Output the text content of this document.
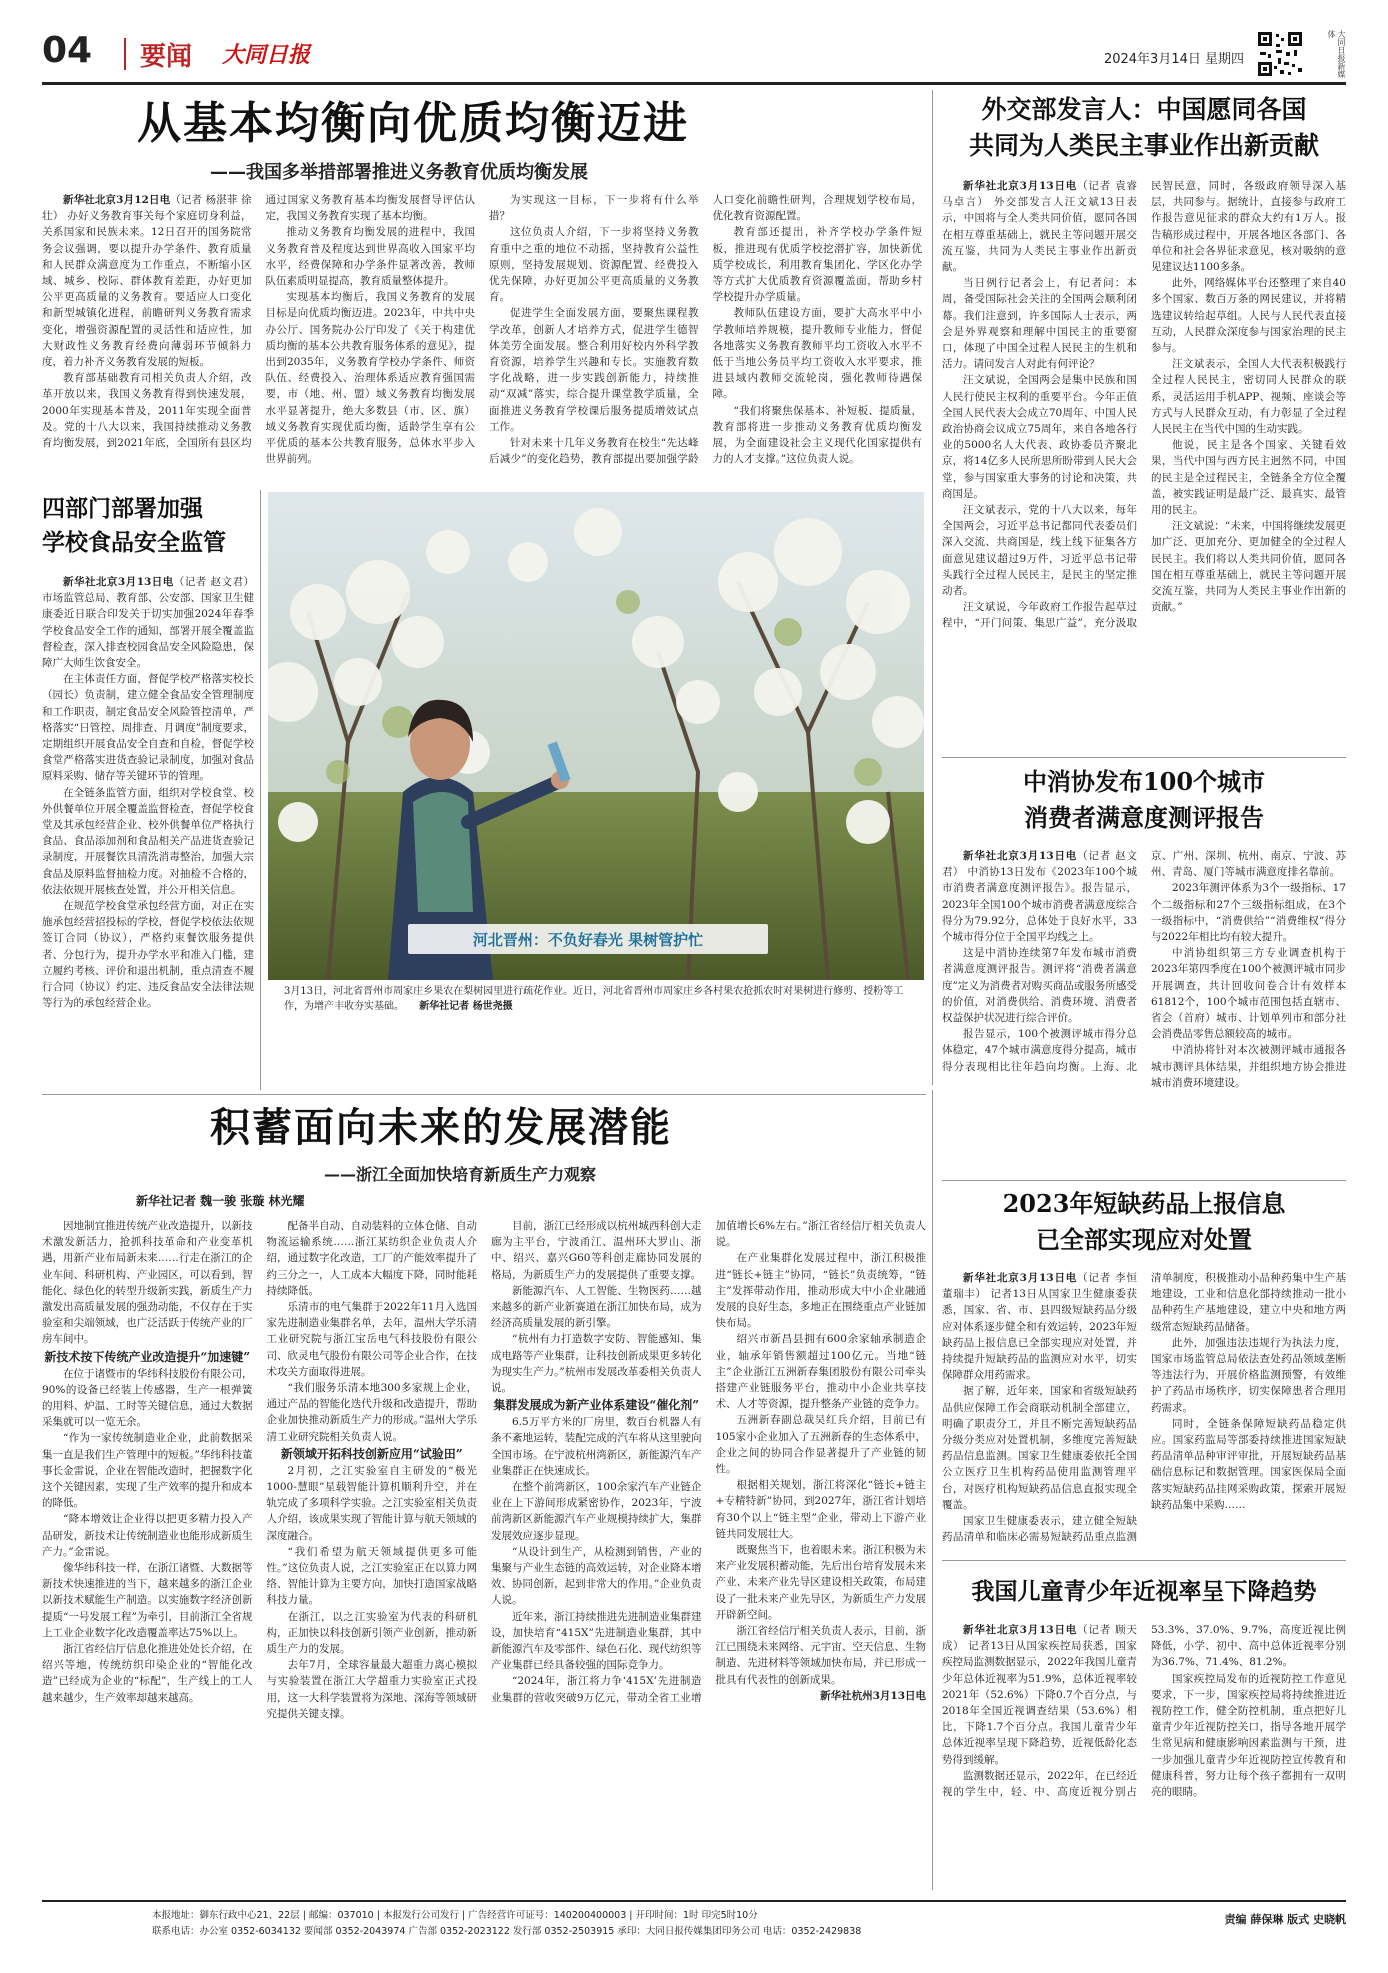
04 要闻 大同日报	2024年3月14日 星期四	大同日报新媒体
从基本均衡向优质均衡迈进
——我国多举措部署推进义务教育优质均衡发展

新华社北京3月12日电（记者 杨湛菲 徐壮） 办好义务教育事关每个家庭切身利益，关系国家和民族未来。12日召开的国务院常务会议强调，要以提升办学条件、教育质量和人民群众满意度为工作重点，不断缩小区域、城乡、校际、群体教育差距，办好更加公平更高质量的义务教育。要适应人口变化和新型城镇化进程，前瞻研判义务教育需求变化，增强资源配置的灵活性和适应性，加大财政性义务教育经费向薄弱环节倾斜力度，着力补齐义务教育发展的短板。

教育部基础教育司相关负责人介绍，改革开放以来，我国义务教育得到快速发展，2000年实现基本普及，2011年实现全面普及。党的十八大以来，我国持续推动义务教育均衡发展，到2021年底，全国所有县区均通过国家义务教育基本均衡发展督导评估认定，我国义务教育实现了基本均衡。

推动义务教育均衡发展的进程中，我国义务教育普及程度达到世界高收入国家平均水平，经费保障和办学条件显著改善，教师队伍素质明显提高，教育质量整体提升。

实现基本均衡后，我国义务教育的发展目标是向优质均衡迈进。2023年，中共中央办公厅、国务院办公厅印发了《关于构建优质均衡的基本公共教育服务体系的意见》，提出到2035年，义务教育学校办学条件、师资队伍、经费投入、治理体系适应教育强国需要，市（地、州、盟）域义务教育均衡发展水平显著提升，绝大多数县（市、区、旗）域义务教育实现优质均衡，适龄学生享有公平优质的基本公共教育服务，总体水平步入世界前列。

为实现这一目标，下一步将有什么举措？

这位负责人介绍，下一步将坚持义务教育重中之重的地位不动摇，坚持教育公益性原则，坚持发展规划、资源配置、经费投入优先保障，办好更加公平更高质量的义务教育。

促进学生全面发展方面，要聚焦课程教学改革，创新人才培养方式，促进学生德智体美劳全面发展。整合利用好校内外科学教育资源，培养学生兴趣和专长。实施教育数字化战略，进一步实践创新能力，持续推动“双减”落实，综合提升课堂教学质量，全面推进义务教育学校课后服务提质增效试点工作。

针对未来十几年义务教育在校生“先达峰后减少”的变化趋势，教育部提出要加强学龄人口变化前瞻性研判，合理规划学校布局，优化教育资源配置。

教育部还提出，补齐学校办学条件短板，推进现有优质学校挖潜扩容，加快新优质学校成长，利用教育集团化、学区化办学等方式扩大优质教育资源覆盖面，帮助乡村学校提升办学质量。

教师队伍建设方面，要扩大高水平中小学教师培养规模，提升教师专业能力，督促各地落实义务教育教师平均工资收入水平不低于当地公务员平均工资收入水平要求，推进县域内教师交流轮岗，强化教师待遇保障。

“我们将聚焦保基本、补短板、提质量，教育部将进一步推动义务教育优质均衡发展，为全面建设社会主义现代化国家提供有力的人才支撑。”这位负责人说。

外交部发言人：中国愿同各国
共同为人类民主事业作出新贡献

新华社北京3月13日电（记者 袁睿 马卓言） 外交部发言人汪文斌13日表示，中国将与全人类共同价值，愿同各国在相互尊重基础上，就民主等问题开展交流互鉴，共同为人类民主事业作出新贡献。

当日例行记者会上，有记者问：本周，备受国际社会关注的全国两会顺利闭幕。我们注意到，许多国际人士表示，两会是外界观察和理解中国民主的重要窗口，体现了中国全过程人民民主的生机和活力。请问发言人对此有何评论？

汪文斌说，全国两会是集中民族和国人民行使民主权利的重要平台。今年正值全国人民代表大会成立70周年、中国人民政治协商会议成立75周年，来自各地各行业的5000名人大代表、政协委员齐聚北京，将14亿多人民所思所盼带到人民大会堂，参与国家重大事务的讨论和决策，共商国是。

汪文斌表示，党的十八大以来，每年全国两会，习近平总书记都同代表委员们深入交流、共商国是，线上线下征集各方面意见建议超过9万件，习近平总书记带头践行全过程人民民主，是民主的坚定推动者。

汪文斌说，今年政府工作报告起草过程中，“开门问策、集思广益”，充分汲取民智民意，同时，各级政府领导深入基层，共同参与。据统计，直接参与政府工作报告意见征求的群众大约有1万人。报告稿形成过程中，开展各地区各部门、各单位和社会各界征求意见，核对吸纳的意见建议达1100多条。

此外，网络媒体平台还整理了来自40多个国家、数百万条的网民建议，并将精选建议转给起草组。人民与人民代表直接互动，人民群众深度参与国家治理的民主参与。

汪文斌表示，全国人大代表积极践行全过程人民民主，密切同人民群众的联系，灵活运用手机APP、视频、座谈会等方式与人民群众互动，有力彰显了全过程人民民主在当代中国的生动实践。

他说，民主是各个国家、关键看效果，当代中国与西方民主迥然不同，中国的民主是全过程民主，全链条全方位全覆盖，被实践证明是最广泛、最真实、最管用的民主。

汪文斌说：“未来，中国将继续发展更加广泛、更加充分、更加健全的全过程人民民主。我们将以人类共同价值，愿同各国在相互尊重基础上，就民主等问题开展交流互鉴，共同为人类民主事业作出新的贡献。”

中消协发布100个城市
消费者满意度测评报告

新华社北京3月13日电（记者 赵文君） 中消协13日发布《2023年100个城市消费者满意度测评报告》。报告显示，2023年全国100个城市消费者满意度综合得分为79.92分，总体处于良好水平，33个城市得分位于全国平均线之上。

这是中消协连续第7年发布城市消费者满意度测评报告。测评将“消费者满意度”定义为消费者对购买商品或服务所感受的价值，对消费供给、消费环境、消费者权益保护状况进行综合评价。

报告显示，100个被测评城市得分总体稳定，47个城市满意度得分提高，城市得分表现相比往年趋向均衡。上海、北京、广州、深圳、杭州、南京、宁波、苏州、青岛、厦门等城市满意度排名靠前。

2023年测评体系为3个一级指标、17个二级指标和27个三级指标组成，在3个一级指标中，“消费供给”“消费维权”得分与2022年相比均有较大提升。

中消协组织第三方专业调查机构于2023年第四季度在100个被测评城市同步开展调查，共计回收问卷合计有效样本61812个，100个城市范围包括直辖市、省会（首府）城市、计划单列市和部分社会消费品零售总额较高的城市。

中消协将针对本次被测评城市通报各城市测评具体结果，并组织地方协会推进城市消费环境建设。

四部门部署加强
学校食品安全监管

新华社北京3月13日电（记者 赵文君） 市场监管总局、教育部、公安部、国家卫生健康委近日联合印发关于切实加强2024年春季学校食品安全工作的通知，部署开展全覆盖监督检查，深入排查校园食品安全风险隐患，保障广大师生饮食安全。

在主体责任方面，督促学校严格落实校长（园长）负责制，建立健全食品安全管理制度和工作职责，制定食品安全风险管控清单，严格落实“日管控、周排查、月调度”制度要求，定期组织开展食品安全自查和自检，督促学校食堂严格落实进货查验记录制度，加强对食品原料采购、储存等关键环节的管理。

在全链条监管方面，组织对学校食堂、校外供餐单位开展全覆盖监督检查，督促学校食堂及其承包经营企业、校外供餐单位严格执行食品、食品添加剂和食品相关产品进货查验记录制度，开展餐饮具清洗消毒整治，加强大宗食品及原料监督抽检力度。对抽检不合格的，依法依规开展核查处置，并公开相关信息。

在规范学校食堂承包经营方面，对正在实施承包经营招投标的学校，督促学校依法依规签订合同（协议），严格约束餐饮服务提供者、分包行为，提升办学水平和准入门槛，建立履约考核、评价和退出机制，重点清查不履行合同（协议）约定、违反食品安全法律法规等行为的承包经营企业。

河北晋州：不负好春光 果树管护忙
3月13日，河北省晋州市周家庄乡果农在梨树园里进行疏花作业。近日，河北省晋州市周家庄乡各村果农抢抓农时对果树进行修剪、授粉等工作，为增产丰收夯实基础。 新华社记者 杨世尧摄
积蓄面向未来的发展潜能
——浙江全面加快培育新质生产力观察
新华社记者 魏一骏 张璇 林光耀

因地制宜推进传统产业改造提升，以新技术激发新活力，抢抓科技革命和产业变革机遇，用新产业布局新未来……行走在浙江的企业车间、科研机构、产业园区，可以看到，智能化、绿色化的转型升级新实践，新质生产力激发出高质量发展的强劲动能，不仅存在于实验室和尖端领域，也广泛活跃于传统产业的厂房车间中。

新技术按下传统产业改造提升“加速键”

在位于诸暨市的华纬科技股份有限公司，90%的设备已经装上传感器，生产一根弹簧的用料、炉温、工时等关键信息，通过大数据采集就可以一览无余。

“作为一家传统制造业企业，此前数据采集一直是我们生产管理中的短板。”华纬科技董事长金雷说，企业在智能改造时，把握数字化这个关键因素，实现了生产效率的提升和成本的降低。

“降本增效让企业得以把更多精力投入产品研发，新技术让传统制造业也能形成新质生产力。”金雷说。

像华纬科技一样，在浙江诸暨、大数据等新技术快速推进的当下，越来越多的浙江企业以新技术赋能生产制造。以实施数字经济创新提质“一号发展工程”为牵引，目前浙江全省规上工业企业数字化改造覆盖率达75%以上。

浙江省经信厅信息化推进处处长介绍，在绍兴等地，传统纺织印染企业的“智能化改造”已经成为企业的“标配”，生产线上的工人越来越少，生产效率却越来越高。

配备半自动、自动装料的立体仓储、自动物流运输系统……浙江某纺织企业负责人介绍，通过数字化改造，工厂的产能效率提升了约三分之一，人工成本大幅度下降，同时能耗持续降低。

乐清市的电气集群于2022年11月入选国家先进制造业集群名单，去年，温州大学乐清工业研究院与浙江宝岳电气科技股份有限公司、欣灵电气股份有限公司等企业合作，在技术攻关方面取得进展。

“我们服务乐清本地300多家规上企业，通过产品的智能化迭代升级和改造提升，帮助企业加快推动新质生产力的形成。”温州大学乐清工业研究院相关负责人说。

新领域开拓科技创新应用“试验田”

2月初，之江实验室自主研发的“极光1000-慧眼”星载智能计算机顺利升空，并在轨完成了多项科学实验。之江实验室相关负责人介绍，该成果实现了智能计算与航天领域的深度融合。

“我们希望为航天领域提供更多可能性。”这位负责人说，之江实验室正在以算力网络、智能计算为主要方向，加快打造国家战略科技力量。

在浙江，以之江实验室为代表的科研机构，正加快以科技创新引领产业创新，推动新质生产力的发展。

去年7月，全球容量最大超重力离心模拟与实验装置在浙江大学超重力实验室正式投用，这一大科学装置将为深地、深海等领域研究提供关键支撑。

目前，浙江已经形成以杭州城西科创大走廊为主平台，宁波甬江、温州环大罗山、浙中、绍兴、嘉兴G60等科创走廊协同发展的格局，为新质生产力的发展提供了重要支撑。

新能源汽车、人工智能、生物医药……越来越多的新产业新赛道在浙江加快布局，成为经济高质量发展的新引擎。

“杭州有力打造数字安防、智能感知、集成电路等产业集群，让科技创新成果更多转化为现实生产力。”杭州市发展改革委相关负责人说。

集群发展成为新产业体系建设“催化剂”

6.5万平方米的厂房里，数百台机器人有条不紊地运转，装配完成的汽车将从这里驶向全国市场。在宁波杭州湾新区，新能源汽车产业集群正在快速成长。

在整个前湾新区，100余家汽车产业链企业在上下游间形成紧密协作，2023年，宁波前湾新区新能源汽车产业规模持续扩大，集群发展效应逐步显现。

“从设计到生产，从检测到销售，产业的集聚与产业生态链的高效运转，对企业降本增效、协同创新，起到非常大的作用。”企业负责人说。

近年来，浙江持续推进先进制造业集群建设，加快培育“415X”先进制造业集群，其中新能源汽车及零部件、绿色石化、现代纺织等产业集群已经具备较强的国际竞争力。

“2024年，浙江将力争‘415X’先进制造业集群的营收突破9万亿元，带动全省工业增加值增长6%左右。”浙江省经信厅相关负责人说。

在产业集群化发展过程中，浙江积极推进“链长+链主”协同，“链长”负责统筹，“链主”发挥带动作用，推动形成大中小企业融通发展的良好生态，多地正在围绕重点产业链加快布局。

绍兴市新昌县拥有600余家轴承制造企业，轴承年销售额超过100亿元。当地“链主”企业浙江五洲新春集团股份有限公司牵头搭建产业链服务平台，推动中小企业共享技术、人才等资源，提升整条产业链的竞争力。

五洲新春副总裁吴红兵介绍，目前已有105家小企业加入了五洲新春的生态体系中，企业之间的协同合作显著提升了产业链的韧性。

根据相关规划，浙江将深化“链长+链主+专精特新”协同，到2027年，浙江省计划培育30个以上“链主型”企业，带动上下游产业链共同发展壮大。

既聚焦当下，也着眼未来。浙江积极为未来产业发展积蓄动能，先后出台培育发展未来产业、未来产业先导区建设相关政策，布局建设了一批未来产业先导区，为新质生产力发展开辟新空间。

浙江省经信厅相关负责人表示，目前，浙江已围绕未来网络、元宇宙、空天信息、生物制造、先进材料等领域加快布局，并已形成一批具有代表性的创新成果。

新华社杭州3月13日电

2023年短缺药品上报信息
已全部实现应对处置

新华社北京3月13日电（记者 李恒 董瑞丰） 记者13日从国家卫生健康委获悉，国家、省、市、县四级短缺药品分级应对体系逐步健全和有效运转，2023年短缺药品上报信息已全部实现应对处置，并持续提升短缺药品的监测应对水平，切实保障群众用药需求。

据了解，近年来，国家和省级短缺药品供应保障工作会商联动机制全部建立，明确了职责分工，并且不断完善短缺药品分级分类应对处置机制，多维度完善短缺药品信息监测。国家卫生健康委依托全国公立医疗卫生机构药品使用监测管理平台，对医疗机构短缺药品信息直报实现全覆盖。

国家卫生健康委表示，建立健全短缺药品清单和临床必需易短缺药品重点监测清单制度，积极推动小品种药集中生产基地建设，工业和信息化部持续推动一批小品种药生产基地建设，建立中央和地方两级常态短缺药品储备。

此外，加强违法违规行为执法力度，国家市场监管总局依法查处药品领域垄断等违法行为，开展价格监测预警，有效维护了药品市场秩序，切实保障患者合理用药需求。

同时，全链条保障短缺药品稳定供应。国家药监局等部委持续推进国家短缺药品清单品种审评审批，开展短缺药品基础信息标记和数据管理。国家医保局全面落实短缺药品挂网采购政策，探索开展短缺药品集中采购……

我国儿童青少年近视率呈下降趋势

新华社北京3月13日电（记者 顾天成） 记者13日从国家疾控局获悉，国家疾控局监测数据显示，2022年我国儿童青少年总体近视率为51.9%，总体近视率较2021年（52.6%）下降0.7个百分点，与2018年全国近视调查结果（53.6%）相比，下降1.7个百分点。我国儿童青少年总体近视率呈现下降趋势，近视低龄化态势得到缓解。

监测数据还显示，2022年，在已经近视的学生中，轻、中、高度近视分别占53.3%、37.0%、9.7%，高度近视比例降低，小学、初中、高中总体近视率分别为36.7%、71.4%、81.2%。

国家疾控局发布的近视防控工作意见要求，下一步，国家疾控局将持续推进近视防控工作，健全防控机制，重点把好儿童青少年近视防控关口，指导各地开展学生常见病和健康影响因素监测与干预，进一步加强儿童青少年近视防控宣传教育和健康科普，努力让每个孩子都拥有一双明亮的眼睛。

本报地址：御东行政中心21、22层 | 邮编：037010 | 本报发行公司发行 | 广告经营许可证号：140200400003 | 开印时间：1时 印完5时10分
联系电话：办公室 0352-6034132 要闻部 0352-2043974 广告部 0352-2023122 发行部 0352-2503915 承印：大同日报传媒集团印务公司 电话：0352-2429838
责编 薛保琳 版式 史晓帆
